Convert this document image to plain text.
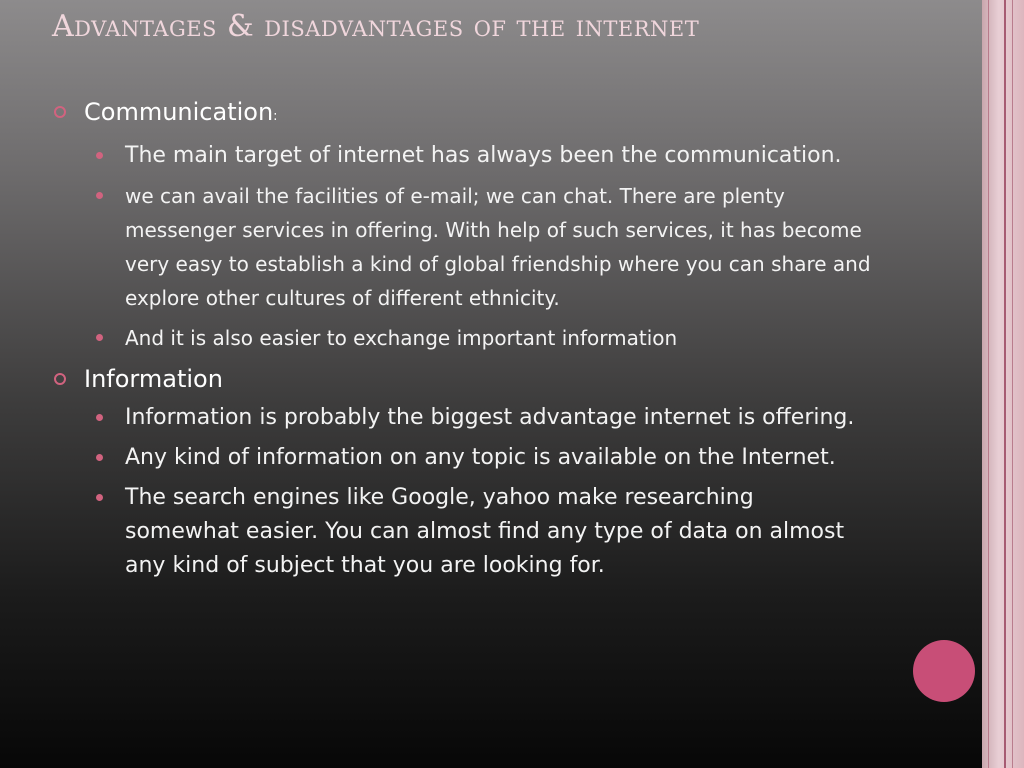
Advantages & disadvantages of the internet
Communication:
The main target of internet has always been the communication.
we can avail the facilities of e-mail; we can chat. There are plenty messenger services in offering. With help of such services, it has become very easy to establish a kind of global friendship where you can share and explore other cultures of different ethnicity.
And it is also easier to exchange important information
Information
Information is probably the biggest advantage internet is offering.
Any kind of information on any topic is available on the Internet.
The search engines like Google, yahoo make researching somewhat easier. You can almost find any type of data on almost any kind of subject that you are looking for.
